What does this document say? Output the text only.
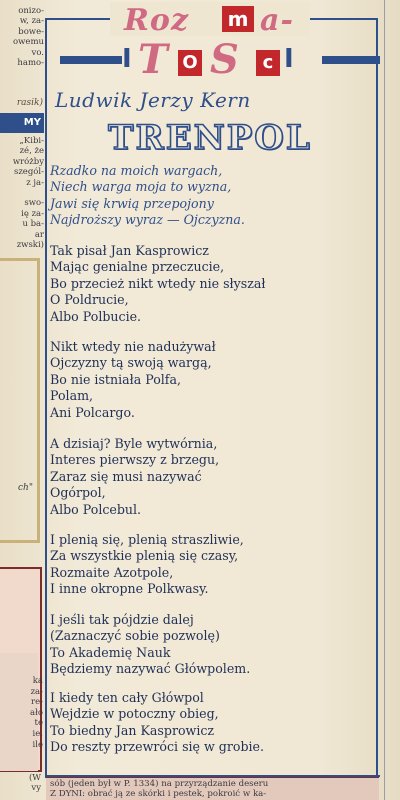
onizo-
w, za-
bowe-
owemu
vo.
hamo-
rasik)
MY
„Kibi-
zé, że
wróżby
szegól-
z ja-

swo-
ię za-
u ba-
ar
zwski)
ch"
ka
za-
re-
ało
te
ie.
ile
(W
vy
Roz m a-
I T O S	c I
Ludwik Jerzy Kern
TRENPOL
Rzadko na moich wargach,
Niech warga moja to wyzna,
Jawi się krwią przepojony
Najdroższy wyraz — Ojczyzna.
Tak pisał Jan Kasprowicz
Mając genialne przeczucie,
Bo przecież nikt wtedy nie słyszał
O Poldrucie,
Albo Polbucie.
Nikt wtedy nie nadużywał
Ojczyzny tą swoją wargą,
Bo nie istniała Polfa,
Polam,
Ani Polcargo.
A dzisiaj? Byle wytwórnia,
Interes pierwszy z brzegu,
Zaraz się musi nazywać
Ogórpol,
Albo Polcebul.
I plenią się, plenią straszliwie,
Za wszystkie plenią się czasy,
Rozmaite Azotpole,
I inne okropne Polkwasy.
I jeśli tak pójdzie dalej
(Zaznaczyć sobie pozwolę)
To Akademię Nauk
Będziemy nazywać Główpolem.
I kiedy ten cały Główpol
Wejdzie w potoczny obieg,
To biedny Jan Kasprowicz
Do reszty przewróci się w grobie.
sób (jeden był w P. 1334) na przyrządzanie deseru
Z DYNI: obrać ją ze skórki i pestek, pokroić w ka-
